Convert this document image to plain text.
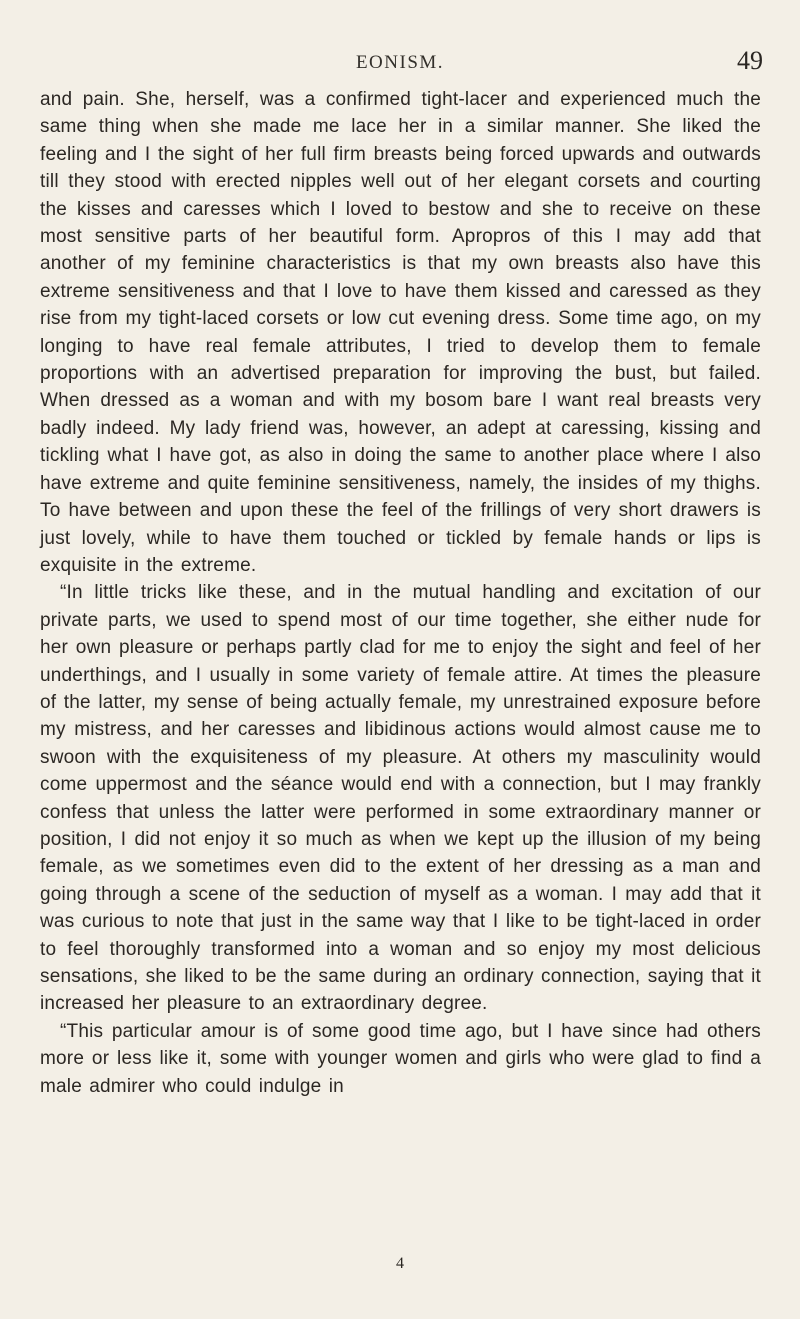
EONISM.	49

and pain. She, herself, was a confirmed tight-lacer and experienced much the same thing when she made me lace her in a similar manner. She liked the feeling and I the sight of her full firm breasts being forced upwards and outwards till they stood with erected nipples well out of her elegant corsets and courting the kisses and caresses which I loved to bestow and she to receive on these most sensitive parts of her beautiful form. Apropros of this I may add that another of my feminine characteristics is that my own breasts also have this extreme sensitiveness and that I love to have them kissed and caressed as they rise from my tight-laced corsets or low cut evening dress. Some time ago, on my longing to have real female attributes, I tried to develop them to female proportions with an advertised preparation for improving the bust, but failed. When dressed as a woman and with my bosom bare I want real breasts very badly indeed. My lady friend was, however, an adept at caressing, kissing and tickling what I have got, as also in doing the same to another place where I also have extreme and quite feminine sensitiveness, namely, the insides of my thighs. To have between and upon these the feel of the frillings of very short drawers is just lovely, while to have them touched or tickled by female hands or lips is exquisite in the extreme.

“In little tricks like these, and in the mutual handling and excitation of our private parts, we used to spend most of our time together, she either nude for her own pleasure or perhaps partly clad for me to enjoy the sight and feel of her underthings, and I usually in some variety of female attire. At times the pleasure of the latter, my sense of being actually female, my unrestrained exposure before my mistress, and her caresses and libidinous actions would almost cause me to swoon with the exquisiteness of my pleasure. At others my masculinity would come uppermost and the séance would end with a connection, but I may frankly confess that unless the latter were performed in some extraordinary manner or position, I did not enjoy it so much as when we kept up the illusion of my being female, as we sometimes even did to the extent of her dressing as a man and going through a scene of the seduction of myself as a woman. I may add that it was curious to note that just in the same way that I like to be tight-laced in order to feel thoroughly transformed into a woman and so enjoy my most delicious sensations, she liked to be the same during an ordinary connection, saying that it increased her pleasure to an extraordinary degree.

“This particular amour is of some good time ago, but I have since had others more or less like it, some with younger women and girls who were glad to find a male admirer who could indulge in

4
